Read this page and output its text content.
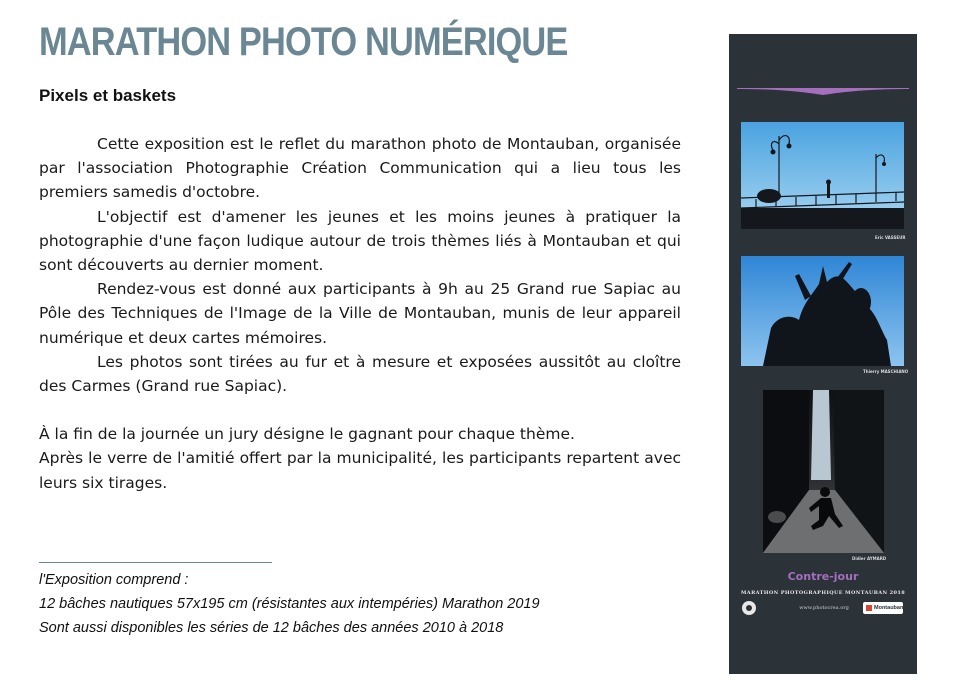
MARATHON PHOTO NUMÉRIQUE
Pixels et baskets

Cette exposition est le reflet du marathon photo de Montauban, organisée par l'association Photographie Création Communication qui a lieu tous les premiers samedis d'octobre.

L'objectif est d'amener les jeunes et les moins jeunes à pratiquer la photographie d'une façon ludique autour de trois thèmes liés à Montauban et qui sont découverts au dernier moment.

Rendez-vous est donné aux participants à 9h au 25 Grand rue Sapiac au Pôle des Techniques de l'Image de la Ville de Montauban, munis de leur appareil numérique et deux cartes mémoires.

Les photos sont tirées au fur et à mesure et exposées aussitôt au cloître des Carmes (Grand rue Sapiac).

À la fin de la journée un jury désigne le gagnant pour chaque thème.

Après le verre de l'amitié offert par la municipalité, les participants repartent avec leurs six tirages.

l'Exposition comprend :
12 bâches nautiques 57x195 cm (résistantes aux intempéries) Marathon 2019
Sont aussi disponibles les séries de 12 bâches des années 2010 à 2018
Eric VASSEUR
Thierry MASCHIANO
Didier AYMARD
Contre-jour
MARATHON PHOTOGRAPHIQUE MONTAUBAN 2018
www.photocrea.org	Montauban
